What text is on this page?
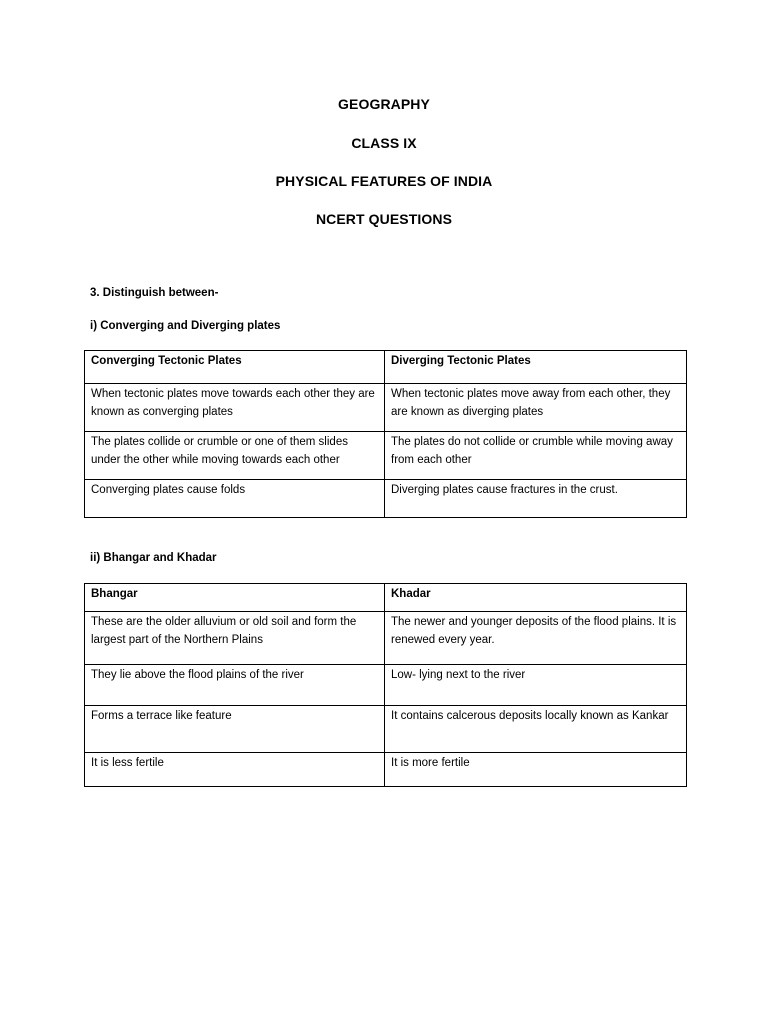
GEOGRAPHY
CLASS IX
PHYSICAL FEATURES OF INDIA
NCERT QUESTIONS
3. Distinguish between-
i) Converging and Diverging plates
Converging Tectonic Plates	Diverging Tectonic Plates
When tectonic plates move towards each other they are known as converging plates	When tectonic plates move away from each other, they are known as diverging plates
The plates collide or crumble or one of them slides under the other while moving towards each other	The plates do not collide or crumble while moving away from each other
Converging plates cause folds	Diverging plates cause fractures in the crust.
ii) Bhangar and Khadar
Bhangar	Khadar
These are the older alluvium or old soil and form the largest part of the Northern Plains	The newer and younger deposits of the flood plains. It is renewed every year.
They lie above the flood plains of the river	Low- lying next to the river
Forms a terrace like feature	It contains calcerous deposits locally known as Kankar
It is less fertile	It is more fertile
